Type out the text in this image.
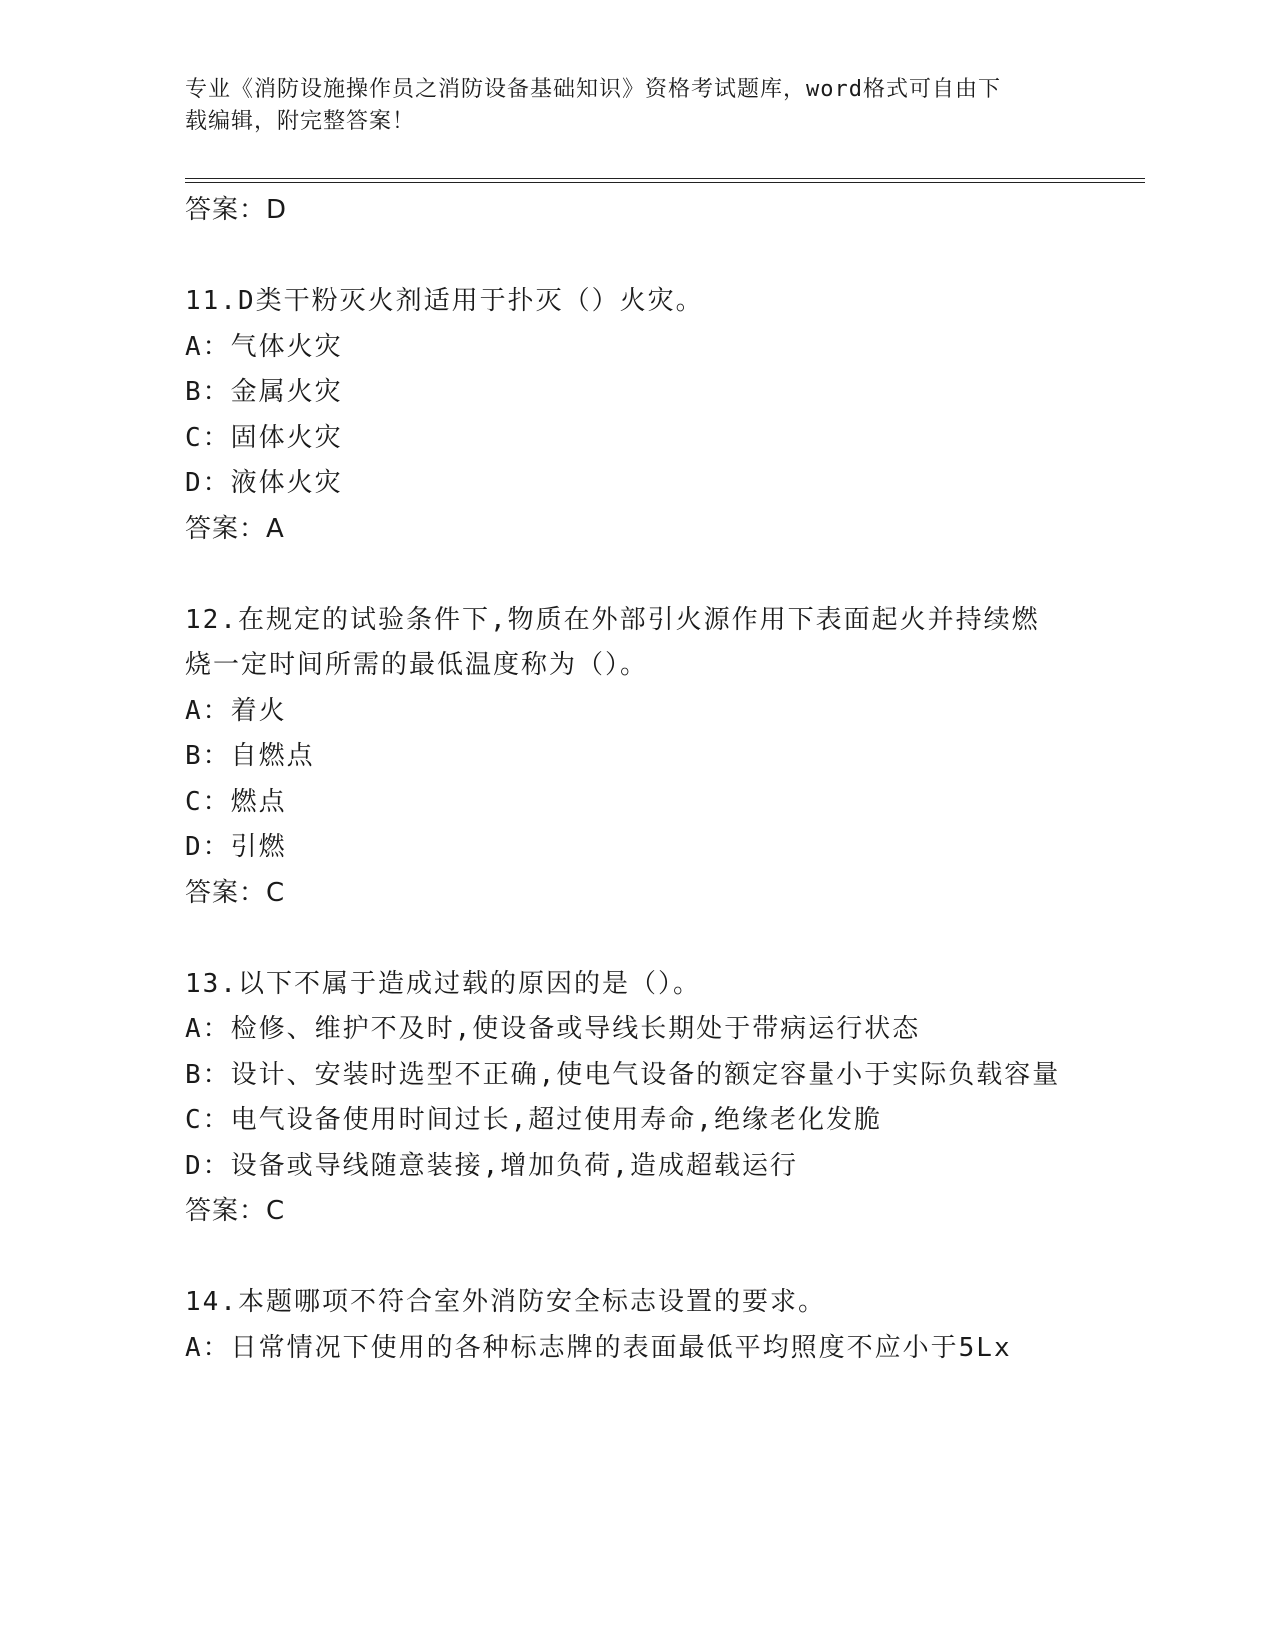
专业《消防设施操作员之消防设备基础知识》资格考试题库，word格式可自由下
载编辑，附完整答案！
答案：D
11.D类干粉灭火剂适用于扑灭（）火灾。
A：气体火灾
B：金属火灾
C：固体火灾
D：液体火灾
答案：A
12.在规定的试验条件下,物质在外部引火源作用下表面起火并持续燃烧一定时间所需的最低温度称为（）。
A：着火
B：自燃点
C：燃点
D：引燃
答案：C
13.以下不属于造成过载的原因的是（）。
A：检修、维护不及时,使设备或导线长期处于带病运行状态
B：设计、安装时选型不正确,使电气设备的额定容量小于实际负载容量
C：电气设备使用时间过长,超过使用寿命,绝缘老化发脆
D：设备或导线随意装接,增加负荷,造成超载运行
答案：C
14.本题哪项不符合室外消防安全标志设置的要求。
A：日常情况下使用的各种标志牌的表面最低平均照度不应小于5Lx
